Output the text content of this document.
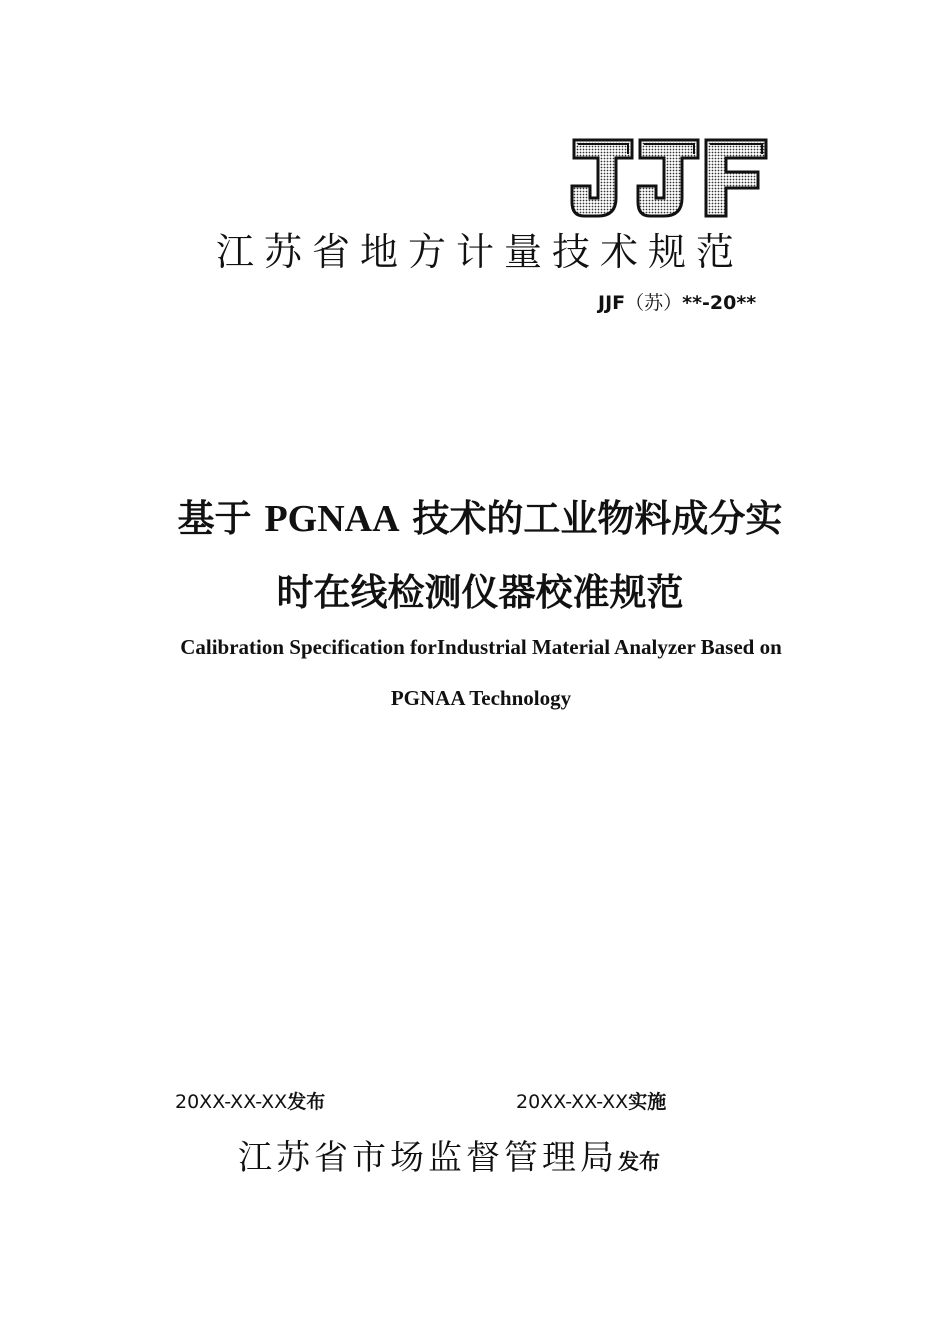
江苏省地方计量技术规范
JJF（苏）**-20**
基于 PGNAA 技术的工业物料成分实
时在线检测仪器校准规范
Calibration Specification forIndustrial Material Analyzer Based on
PGNAA Technology
20XX-XX-XX发布	20XX-XX-XX实施
江苏省市场监督管理局发布
